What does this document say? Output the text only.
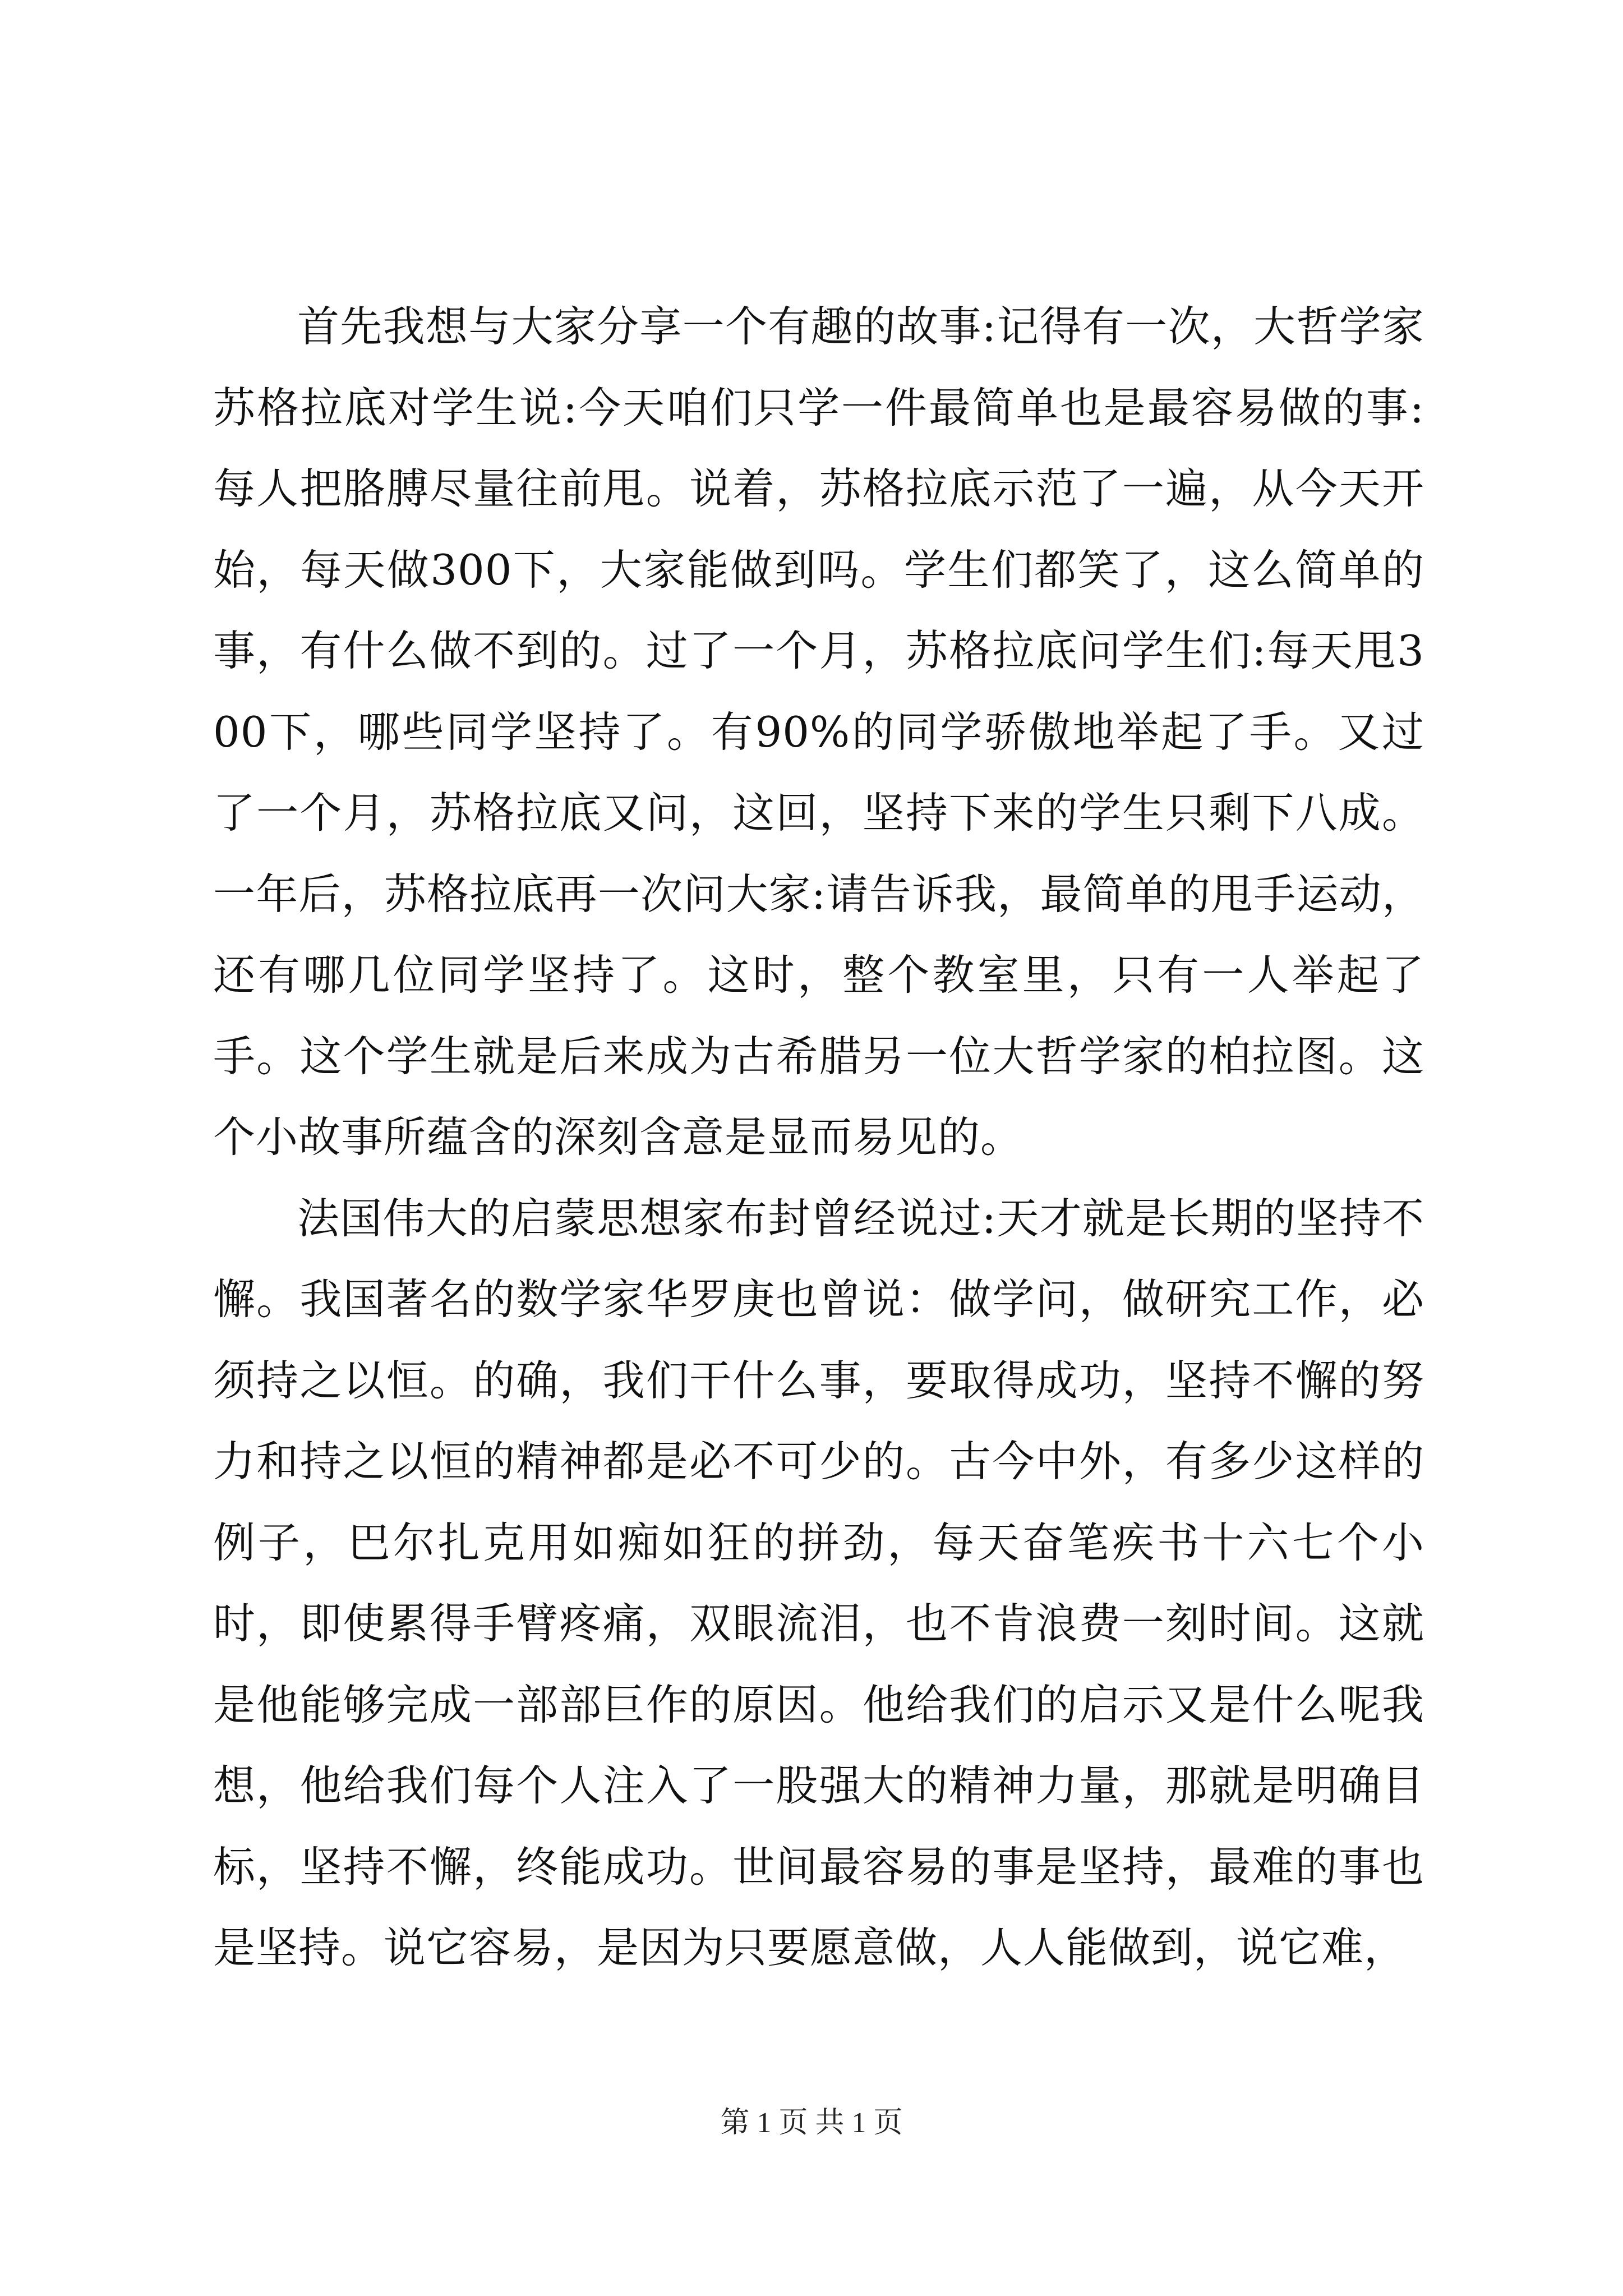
首先我想与大家分享一个有趣的故事:记得有一次，大哲学家苏格拉底对学生说:今天咱们只学一件最简单也是最容易做的事:每人把胳膊尽量往前甩。说着，苏格拉底示范了一遍，从今天开始，每天做300下，大家能做到吗。学生们都笑了，这么简单的事，有什么做不到的。过了一个月，苏格拉底问学生们:每天甩300下，哪些同学坚持了。有90%的同学骄傲地举起了手。又过了一个月，苏格拉底又问，这回，坚持下来的学生只剩下八成。一年后，苏格拉底再一次问大家:请告诉我，最简单的甩手运动，还有哪几位同学坚持了。这时，整个教室里，只有一人举起了手。这个学生就是后来成为古希腊另一位大哲学家的柏拉图。这个小故事所蕴含的深刻含意是显而易见的。

法国伟大的启蒙思想家布封曾经说过:天才就是长期的坚持不懈。我国著名的数学家华罗庚也曾说：做学问，做研究工作，必须持之以恒。的确，我们干什么事，要取得成功，坚持不懈的努力和持之以恒的精神都是必不可少的。古今中外，有多少这样的例子，巴尔扎克用如痴如狂的拼劲，每天奋笔疾书十六七个小时，即使累得手臂疼痛，双眼流泪，也不肯浪费一刻时间。这就是他能够完成一部部巨作的原因。他给我们的启示又是什么呢我想，他给我们每个人注入了一股强大的精神力量，那就是明确目标，坚持不懈，终能成功。世间最容易的事是坚持，最难的事也是坚持。说它容易，是因为只要愿意做，人人能做到，说它难，

第 1 页 共 1 页
